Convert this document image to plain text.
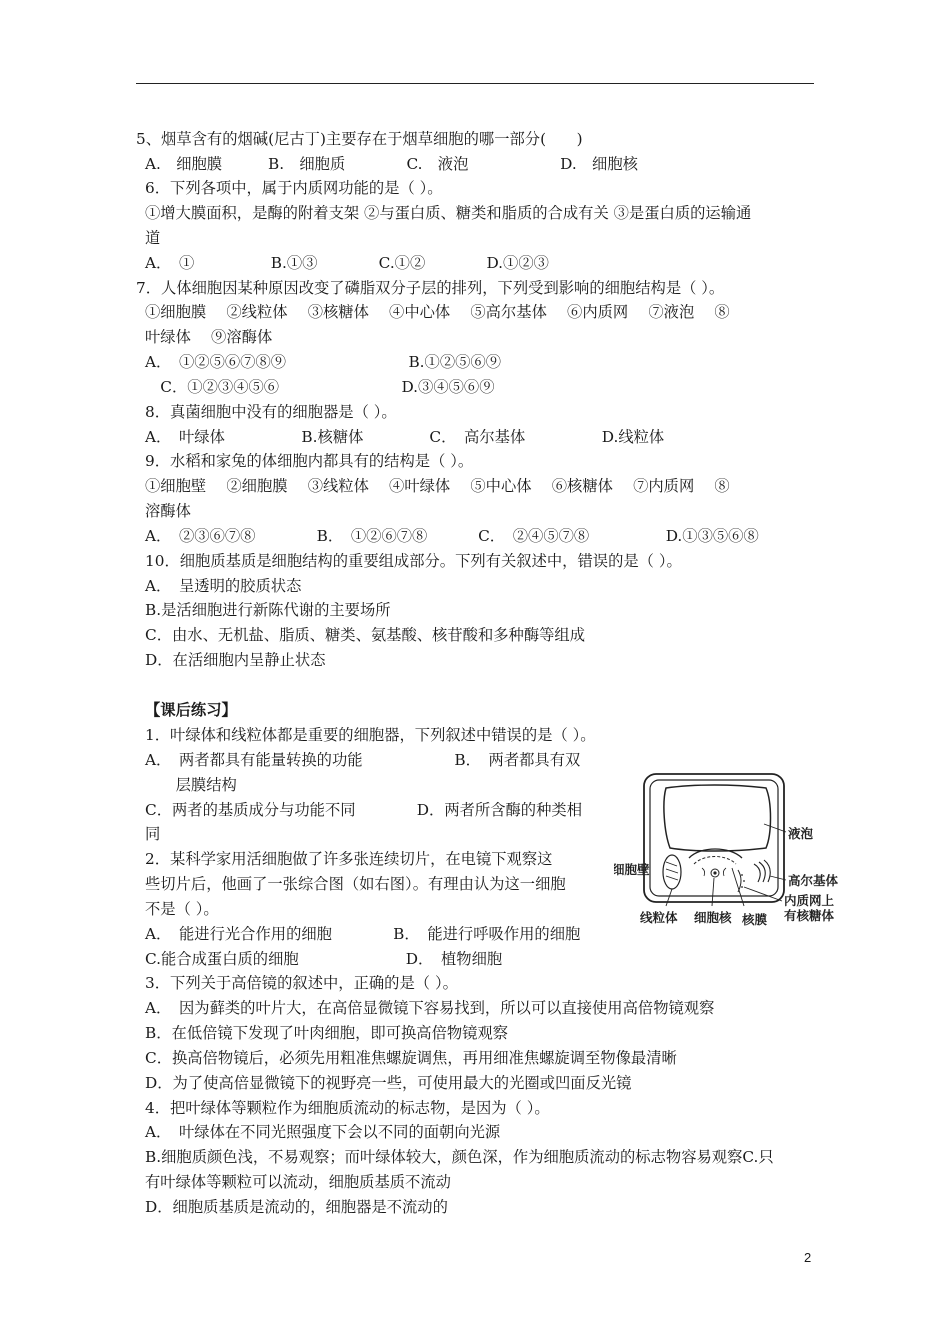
5、烟草含有的烟碱(尼古丁)主要存在于烟草细胞的哪一部分(　　)
A.　细胞膜　　　B.　细胞质　　　　C.　液泡　　　　　　D.　细胞核
6．下列各项中，属于内质网功能的是（ ）。
①增大膜面积，是酶的附着支架 ②与蛋白质、糖类和脂质的合成有关 ③是蛋白质的运输通
道
A．　①　　　　　B.①③　　　　C.①②　　　　D.①②③
7．人体细胞因某种原因改变了磷脂双分子层的排列，下列受到影响的细胞结构是（ ）。
①细胞膜　 ②线粒体　 ③核糖体　 ④中心体　 ⑤高尔基体　 ⑥内质网　 ⑦液泡　 ⑧
叶绿体　 ⑨溶酶体
A．　①②⑤⑥⑦⑧⑨　　　　　　　　B.①②⑤⑥⑨
　C．①②③④⑤⑥　　　　　　　　D.③④⑤⑥⑨
8．真菌细胞中没有的细胞器是（ ）。
A．　叶绿体　　　　　B.核糖体　　　　 C．　高尔基体　　　　　D.线粒体
9．水稻和家兔的体细胞内都具有的结构是（ ）。
①细胞壁　 ②细胞膜　 ③线粒体　 ④叶绿体　 ⑤中心体　 ⑥核糖体　 ⑦内质网　 ⑧
溶酶体
A．　②③⑥⑦⑧　　　　B．　①②⑥⑦⑧　　　 C．　②④⑤⑦⑧　　　　　D.①③⑤⑥⑧
10．细胞质基质是细胞结构的重要组成部分。下列有关叙述中，错误的是（ ）。
A．　呈透明的胶质状态
B.是活细胞进行新陈代谢的主要场所
C．由水、无机盐、脂质、糖类、氨基酸、核苷酸和多种酶等组成
D．在活细胞内呈静止状态
【课后练习】
1．叶绿体和线粒体都是重要的细胞器，下列叙述中错误的是（ ）。
A．　两者都具有能量转换的功能　　　　　　B．　两者都具有双
　　层膜结构
C．两者的基质成分与功能不同　　　　D．两者所含酶的种类相
同
2．某科学家用活细胞做了许多张连续切片，在电镜下观察这
些切片后，他画了一张综合图（如右图）。有理由认为这一细胞
不是（ ）。
A．　能进行光合作用的细胞　　　　B．　能进行呼吸作用的细胞
C.能合成蛋白质的细胞　　　　　　　D．　植物细胞
3．下列关于高倍镜的叙述中，正确的是（ ）。
A．　因为藓类的叶片大，在高倍显微镜下容易找到，所以可以直接使用高倍物镜观察
B．在低倍镜下发现了叶肉细胞，即可换高倍物镜观察
C．换高倍物镜后，必须先用粗准焦螺旋调焦，再用细准焦螺旋调至物像最清晰
D．为了使高倍显微镜下的视野亮一些，可使用最大的光圈或凹面反光镜
4．把叶绿体等颗粒作为细胞质流动的标志物，是因为（ ）。
A．　叶绿体在不同光照强度下会以不同的面朝向光源
B.细胞质颜色浅，不易观察；而叶绿体较大，颜色深，作为细胞质流动的标志物容易观察C.只
有叶绿体等颗粒可以流动，细胞质基质不流动
D．细胞质基质是流动的，细胞器是不流动的
液泡
细胞壁
高尔基体
线粒体 细胞核 核膜
内质网上
有核糖体
2
